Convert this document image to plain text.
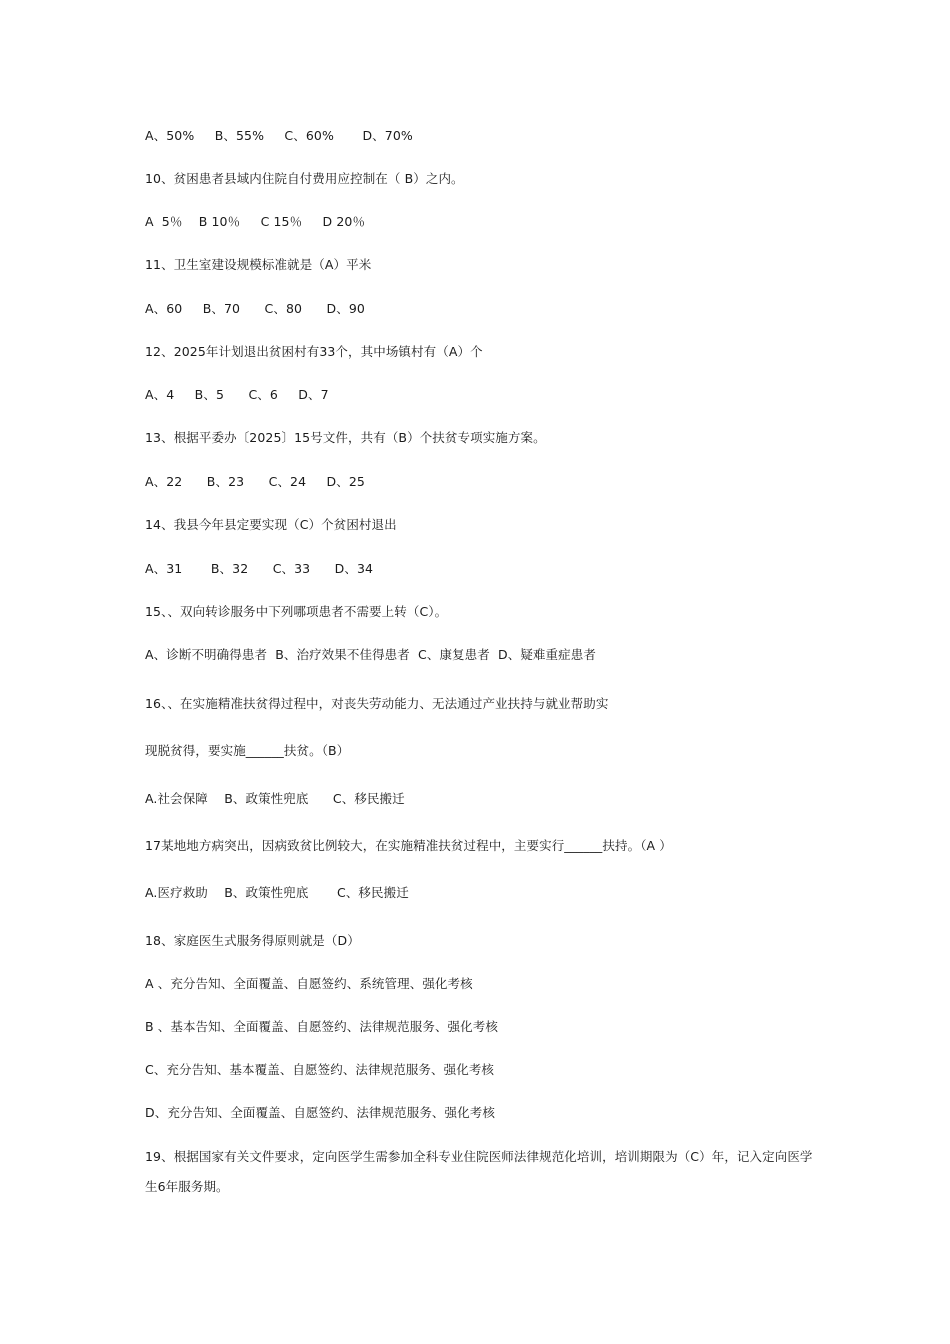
A、50%     B、55%     C、60%       D、70%
10、贫困患者县域内住院自付费用应控制在（ B）之内。
A  5％    B 10％     C 15％     D 20％
11、卫生室建设规模标准就是（A）平米
A、60     B、70      C、80      D、90
12、2025年计划退出贫困村有33个，其中场镇村有（A）个
A、4     B、5      C、6     D、7
13、根据平委办〔2025〕15号文件，共有（B）个扶贫专项实施方案。
A、22      B、23      C、24     D、25
14、我县今年县定要实现（C）个贫困村退出
A、31       B、32      C、33      D、34
15、、双向转诊服务中下列哪项患者不需要上转（C）。
A、诊断不明确得患者  B、治疗效果不佳得患者  C、康复患者  D、疑难重症患者
16、、在实施精准扶贫得过程中，对丧失劳动能力、无法通过产业扶持与就业帮助实
现脱贫得，要实施______扶贫。（B）
A.社会保障    B、政策性兜底      C、移民搬迁
17某地地方病突出，因病致贫比例较大，在实施精准扶贫过程中，主要实行______扶持。（A ）
A.医疗救助    B、政策性兜底       C、移民搬迁
18、家庭医生式服务得原则就是（D）
A 、充分告知、全面覆盖、自愿签约、系统管理、强化考核
B 、基本告知、全面覆盖、自愿签约、法律规范服务、强化考核
C、充分告知、基本覆盖、自愿签约、法律规范服务、强化考核
D、充分告知、全面覆盖、自愿签约、法律规范服务、强化考核
19、根据国家有关文件要求，定向医学生需参加全科专业住院医师法律规范化培训，培训期限为（C）年，记入定向医学生6年服务期。
